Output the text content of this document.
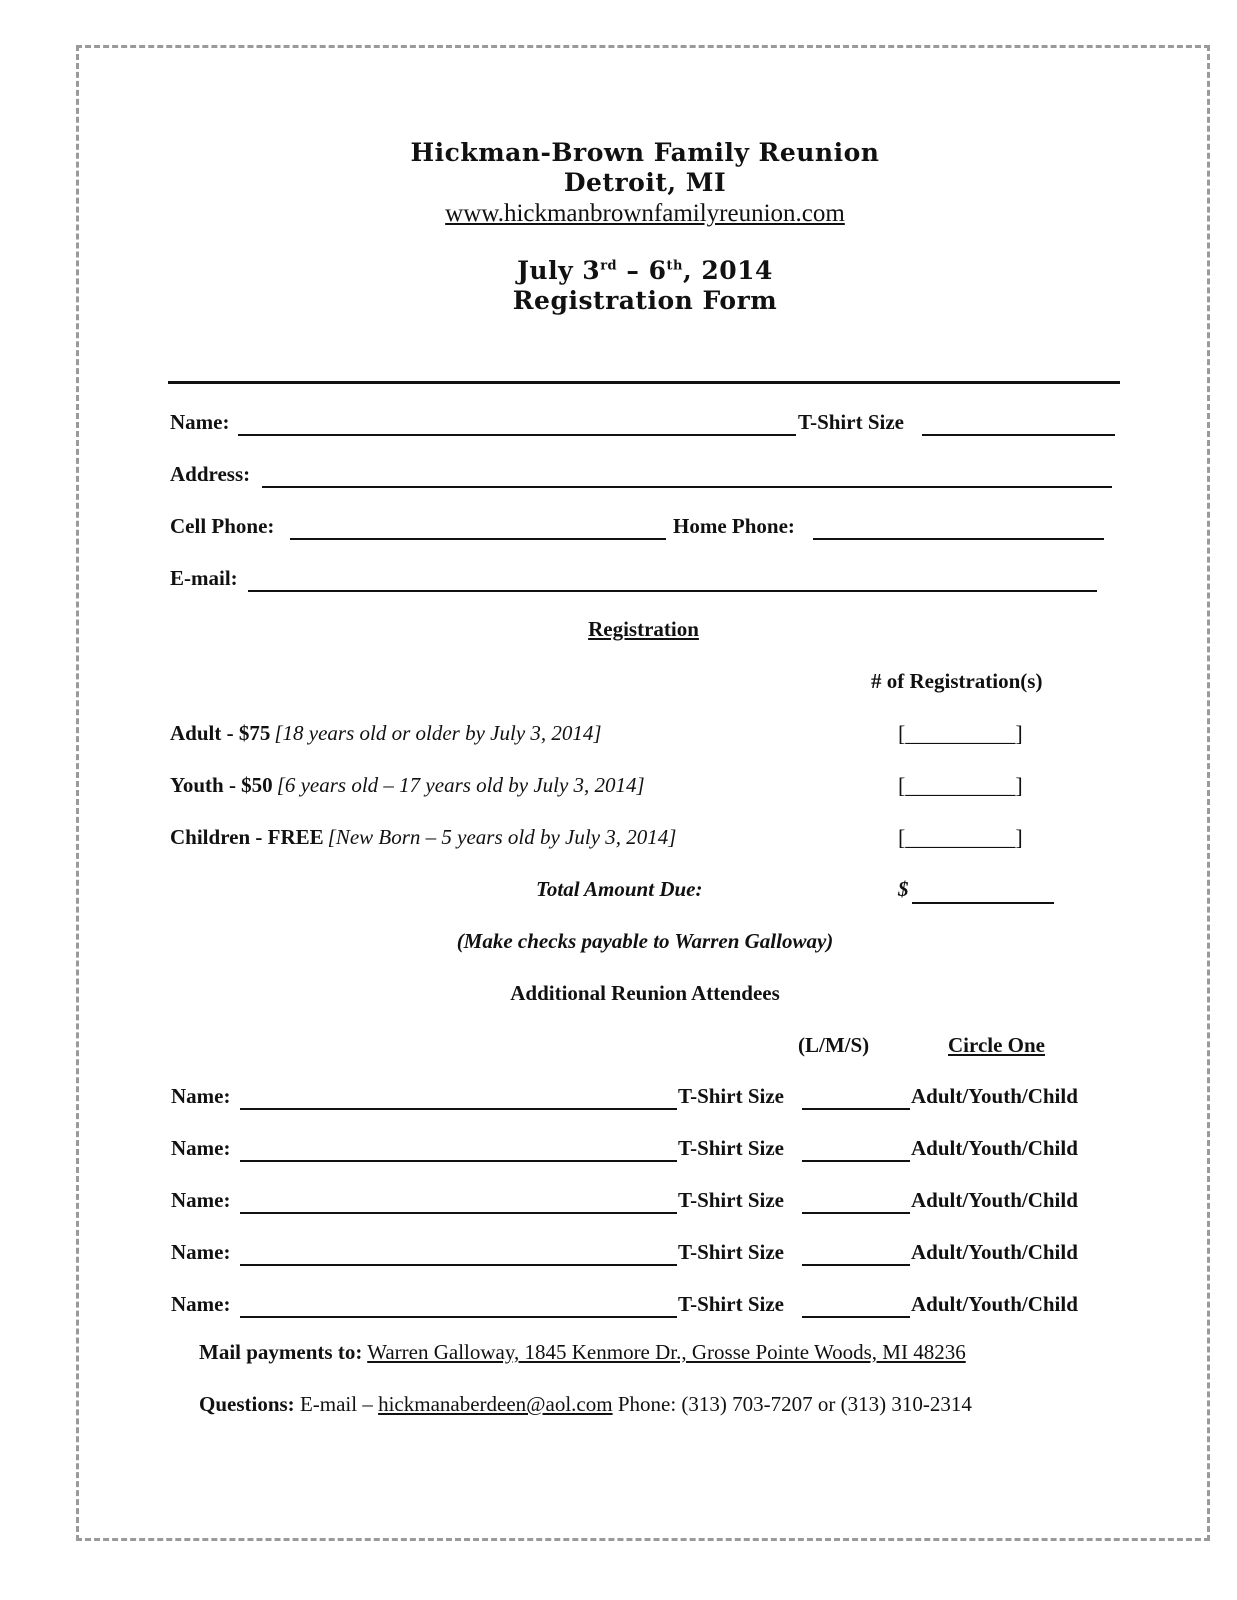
Hickman-Brown Family Reunion
Detroit, MI
www.hickmanbrownfamilyreunion.com
July 3rd – 6th, 2014
Registration Form
Name:	T-Shirt Size
Address:
Cell Phone:	Home Phone:
E-mail:
Registration
# of Registration(s)
Adult - $75 [18 years old or older by July 3, 2014]	[__________]
Youth - $50 [6 years old – 17 years old by July 3, 2014]	[__________]
Children - FREE [New Born – 5 years old by July 3, 2014]	[__________]
Total Amount Due:	$
(Make checks payable to Warren Galloway)
Additional Reunion Attendees
(L/M/S)	Circle One
Name:	T-Shirt Size	Adult/Youth/Child
Name:	T-Shirt Size	Adult/Youth/Child
Name:	T-Shirt Size	Adult/Youth/Child
Name:	T-Shirt Size	Adult/Youth/Child
Name:	T-Shirt Size	Adult/Youth/Child
Mail payments to: Warren Galloway, 1845 Kenmore Dr., Grosse Pointe Woods, MI 48236
Questions: E-mail – hickmanaberdeen@aol.com Phone: (313) 703-7207 or (313) 310-2314
